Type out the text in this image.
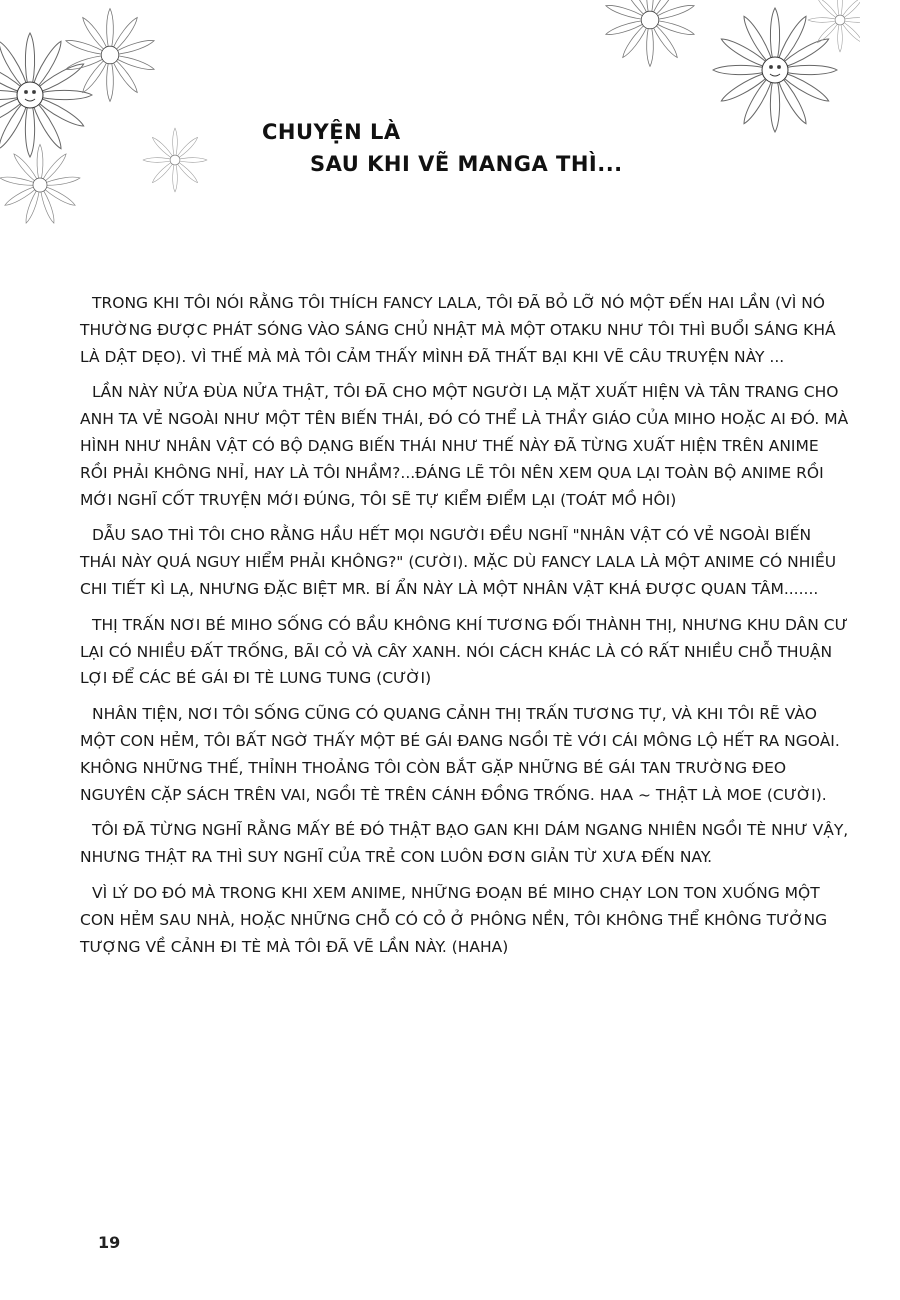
CHUYỆN LÀ
SAU KHI VẼ MANGA THÌ...

TRONG KHI TÔI NÓI RẰNG TÔI THÍCH FANCY LALA, TÔI ĐÃ BỎ LỠ NÓ MỘT ĐẾN HAI LẦN (VÌ NÓ THƯỜNG ĐƯỢC PHÁT SÓNG VÀO SÁNG CHỦ NHẬT MÀ MỘT OTAKU NHƯ TÔI THÌ BUỔI SÁNG KHÁ LÀ DẬT DẸO). VÌ THẾ MÀ MÀ TÔI CẢM THẤY MÌNH ĐÃ THẤT BẠI KHI VẼ CÂU TRUYỆN NÀY ...

LẦN NÀY NỬA ĐÙA NỬA THẬT, TÔI ĐÃ CHO MỘT NGƯỜI LẠ MẶT XUẤT HIỆN VÀ TÂN TRANG CHO ANH TA VẺ NGOÀI NHƯ MỘT TÊN BIẾN THÁI, ĐÓ CÓ THỂ LÀ THẦY GIÁO CỦA MIHO HOẶC AI ĐÓ. MÀ HÌNH NHƯ NHÂN VẬT CÓ BỘ DẠNG BIẾN THÁI NHƯ THẾ NÀY ĐÃ TỪNG XUẤT HIỆN TRÊN ANIME RỒI PHẢI KHÔNG NHỈ, HAY LÀ TÔI NHẦM?...ĐÁNG LẼ TÔI NÊN XEM QUA LẠI TOÀN BỘ ANIME RỒI MỚI NGHĨ CỐT TRUYỆN MỚI ĐÚNG, TÔI SẼ TỰ KIỂM ĐIỂM LẠI (TOÁT MỒ HÔI)

DẪU SAO THÌ TÔI CHO RẰNG HẦU HẾT MỌI NGƯỜI ĐỀU NGHĨ "NHÂN VẬT CÓ VẺ NGOÀI BIẾN THÁI NÀY QUÁ NGUY HIỂM PHẢI KHÔNG?" (CƯỜI). MẶC DÙ FANCY LALA LÀ MỘT ANIME CÓ NHIỀU CHI TIẾT KÌ LẠ, NHƯNG ĐẶC BIỆT MR. BÍ ẨN NÀY LÀ MỘT NHÂN VẬT KHÁ ĐƯỢC QUAN TÂM.......

THỊ TRẤN NƠI BÉ MIHO SỐNG CÓ BẦU KHÔNG KHÍ TƯƠNG ĐỐI THÀNH THỊ, NHƯNG KHU DÂN CƯ LẠI CÓ NHIỀU ĐẤT TRỐNG, BÃI CỎ VÀ CÂY XANH. NÓI CÁCH KHÁC LÀ CÓ RẤT NHIỀU CHỖ THUẬN LỢI ĐỂ CÁC BÉ GÁI ĐI TÈ LUNG TUNG (CƯỜI)

NHÂN TIỆN, NƠI TÔI SỐNG CŨNG CÓ QUANG CẢNH THỊ TRẤN TƯƠNG TỰ, VÀ KHI TÔI RẼ VÀO MỘT CON HẺM, TÔI BẤT NGỜ THẤY MỘT BÉ GÁI ĐANG NGỒI TÈ VỚI CÁI MÔNG LỘ HẾT RA NGOÀI. KHÔNG NHỮNG THẾ, THỈNH THOẢNG TÔI CÒN BẮT GẶP NHỮNG BÉ GÁI TAN TRƯỜNG ĐEO NGUYÊN CẶP SÁCH TRÊN VAI, NGỒI TÈ TRÊN CÁNH ĐỒNG TRỐNG. HAA ~ THẬT LÀ MOE (CƯỜI).

TÔI ĐÃ TỪNG NGHĨ RẰNG MẤY BÉ ĐÓ THẬT BẠO GAN KHI DÁM NGANG NHIÊN NGỒI TÈ NHƯ VẬY, NHƯNG THẬT RA THÌ SUY NGHĨ CỦA TRẺ CON LUÔN ĐƠN GIẢN TỪ XƯA ĐẾN NAY.

VÌ LÝ DO ĐÓ MÀ TRONG KHI XEM ANIME, NHỮNG ĐOẠN BÉ MIHO CHẠY LON TON XUỐNG MỘT CON HẺM SAU NHÀ, HOẶC NHỮNG CHỖ CÓ CỎ Ở PHÔNG NỀN, TÔI KHÔNG THỂ KHÔNG TƯỞNG TƯỢNG VỀ CẢNH ĐI TÈ MÀ TÔI ĐÃ VẼ LẦN NÀY. (HAHA)

19
